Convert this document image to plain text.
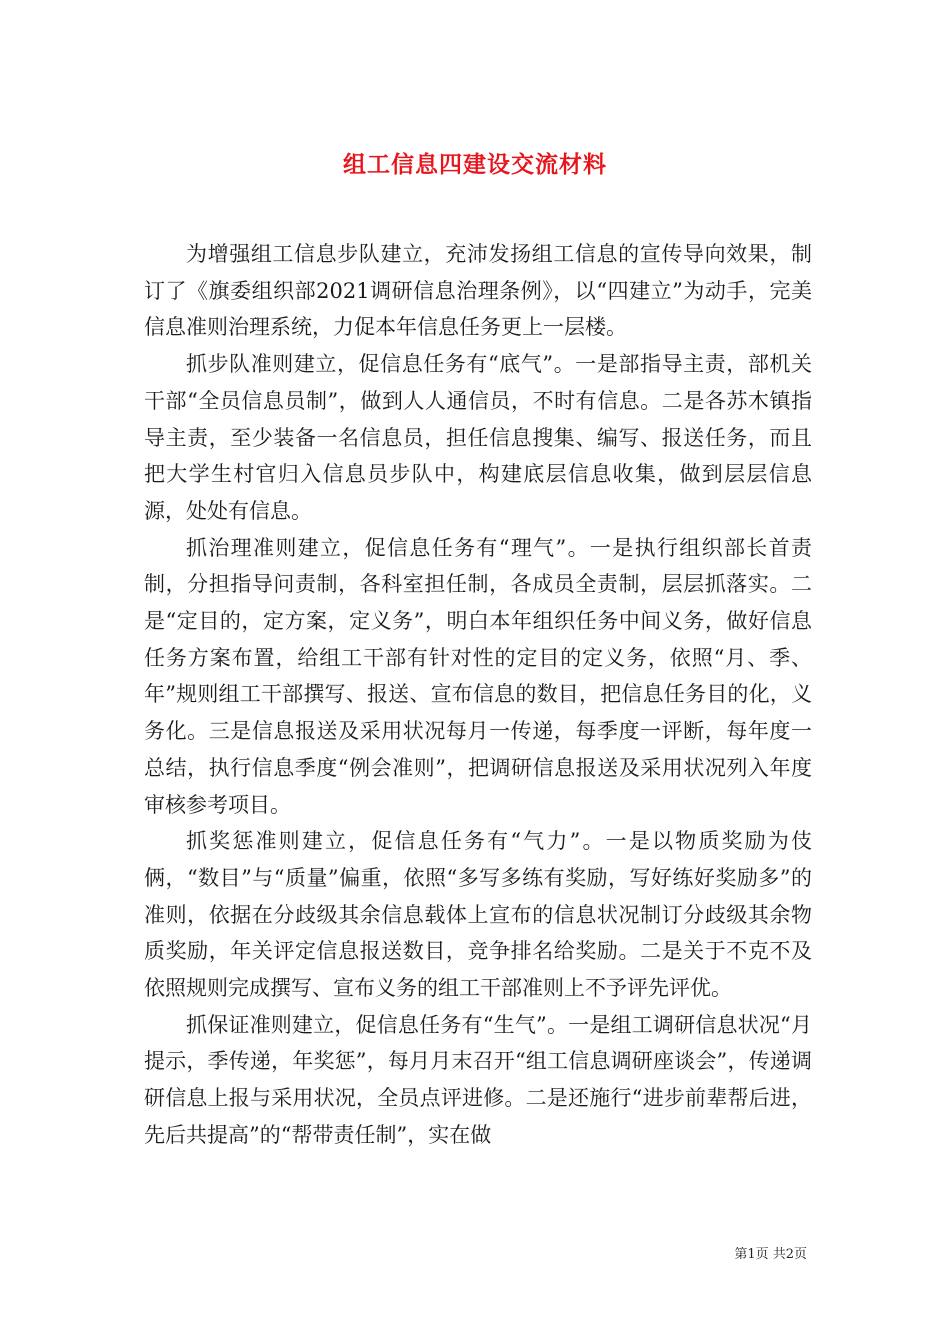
组工信息四建设交流材料

为增强组工信息步队建立，充沛发扬组工信息的宣传导向效果，制订了《旗委组织部2021调研信息治理条例》，以“四建立”为动手，完美信息准则治理系统，力促本年信息任务更上一层楼。

抓步队准则建立，促信息任务有“底气”。一是部指导主责，部机关干部“全员信息员制”，做到人人通信员，不时有信息。二是各苏木镇指导主责，至少装备一名信息员，担任信息搜集、编写、报送任务，而且把大学生村官归入信息员步队中，构建底层信息收集，做到层层信息源，处处有信息。

抓治理准则建立，促信息任务有“理气”。一是执行组织部长首责制，分担指导问责制，各科室担任制，各成员全责制，层层抓落实。二是“定目的，定方案，定义务”，明白本年组织任务中间义务，做好信息任务方案布置，给组工干部有针对性的定目的定义务，依照“月、季、年”规则组工干部撰写、报送、宣布信息的数目，把信息任务目的化，义务化。三是信息报送及采用状况每月一传递，每季度一评断，每年度一总结，执行信息季度“例会准则”，把调研信息报送及采用状况列入年度审核参考项目。

抓奖惩准则建立，促信息任务有“气力”。一是以物质奖励为伎俩，“数目”与“质量”偏重，依照“多写多练有奖励，写好练好奖励多”的准则，依据在分歧级其余信息载体上宣布的信息状况制订分歧级其余物质奖励，年关评定信息报送数目，竞争排名给奖励。二是关于不克不及依照规则完成撰写、宣布义务的组工干部准则上不予评先评优。

抓保证准则建立，促信息任务有“生气”。一是组工调研信息状况“月提示，季传递，年奖惩”，每月月末召开“组工信息调研座谈会”，传递调研信息上报与采用状况，全员点评进修。二是还施行“进步前辈帮后进，先后共提高”的“帮带责任制”，实在做

第1页 共2页
